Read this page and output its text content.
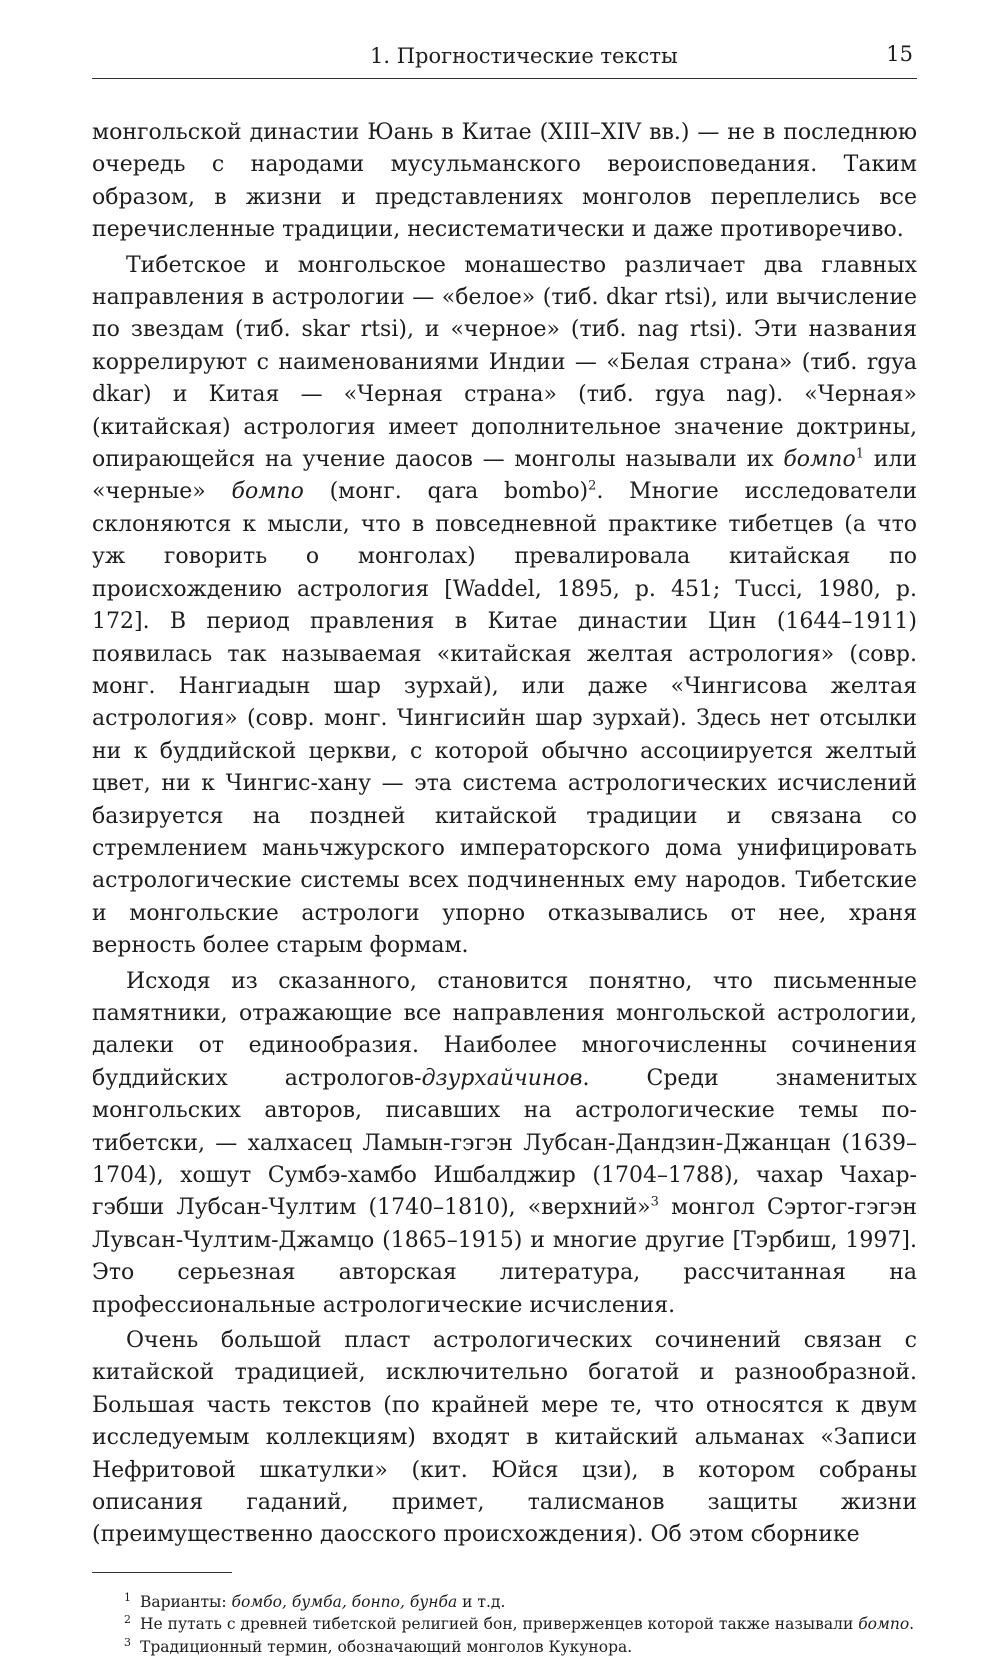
1. Прогностические тексты	15

монгольской династии Юань в Китае (XIII–XIV вв.) — не в последнюю очередь с народами мусульманского вероисповедания. Таким образом, в жизни и представлениях монголов переплелись все перечисленные традиции, несистематически и даже противоречиво.

Тибетское и монгольское монашество различает два главных направления в астрологии — «белое» (тиб. dkar rtsi), или вычисление по звездам (тиб. skar rtsi), и «черное» (тиб. nag rtsi). Эти названия коррелируют с наименованиями Индии — «Белая страна» (тиб. rgya dkar) и Китая — «Черная страна» (тиб. rgya nag). «Черная» (китайская) астрология имеет дополнительное значение доктрины, опирающейся на учение даосов — монголы называли их бомпо$^1$ или «черные» бомпо (монг. qara bombo)$^2$. Многие исследователи склоняются к мысли, что в повседневной практике тибетцев (а что уж говорить о монголах) превалировала китайская по происхождению астрология [Waddel, 1895, p. 451; Tucci, 1980, p. 172]. В период правления в Китае династии Цин (1644–1911) появилась так называемая «китайская желтая астрология» (совр. монг. Нангиадын шар зурхай), или даже «Чингисова желтая астрология» (совр. монг. Чингисийн шар зурхай). Здесь нет отсылки ни к буддийской церкви, с которой обычно ассоциируется желтый цвет, ни к Чингис-хану — эта система астрологических исчислений базируется на поздней китайской традиции и связана со стремлением маньчжурского императорского дома унифицировать астрологические системы всех подчиненных ему народов. Тибетские и монгольские астрологи упорно отказывались от нее, храня верность более старым формам.

Исходя из сказанного, становится понятно, что письменные памятники, отражающие все направления монгольской астрологии, далеки от единообразия. Наиболее многочисленны сочинения буддийских астрологов-дзурхайчинов. Среди знаменитых монгольских авторов, писавших на астрологические темы по-тибетски, — халхасец Ламын-гэгэн Лубсан-Дандзин-Джанцан (1639–1704), хошут Сумбэ-хамбо Ишбалджир (1704–1788), чахар Чахар-гэбши Лубсан-Чултим (1740–1810), «верхний»$^3$ монгол Сэртог-гэгэн Лувсан-Чултим-Джамцо (1865–1915) и многие другие [Тэрбиш, 1997]. Это серьезная авторская литература, рассчитанная на профессиональные астрологические исчисления.

Очень большой пласт астрологических сочинений связан с китайской традицией, исключительно богатой и разнообразной. Большая часть текстов (по крайней мере те, что относятся к двум исследуемым коллекциям) входят в китайский альманах «Записи Нефритовой шкатулки» (кит. Юйся цзи), в котором собраны описания гаданий, примет, талисманов защиты жизни (преимущественно даосского происхождения). Об этом сборнике

1 Варианты: бомбо, бумба, бонпо, бунба и т.д.

2 Не путать с древней тибетской религией бон, приверженцев которой также называли бомпо.

3 Традиционный термин, обозначающий монголов Кукунора.
